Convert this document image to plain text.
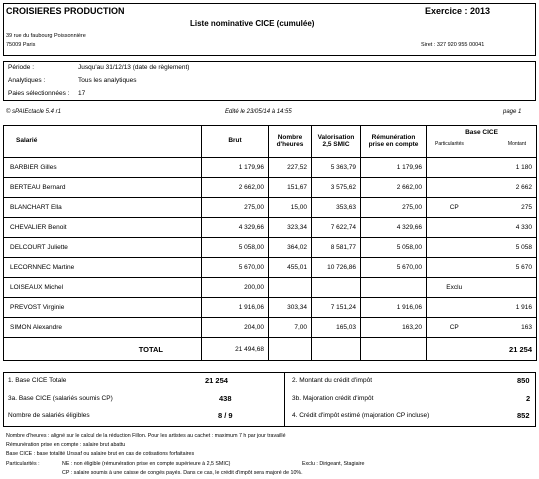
CROISIERES PRODUCTION	Exercice : 2013
Liste nominative CICE (cumulée)
39 rue du faubourg Poissonnière
75009 Paris	Siret : 327 920 955 00041
Période :	Jusqu'au 31/12/13 (date de règlement)
Analytiques :	Tous les analytiques
Paies sélectionnées : 17
© sPAIEctacle 5.4 r1	Edité le 23/05/14 à 14:55	page 1
Salarié	Brut	Nombre d'heures	Valorisation 2,5 SMIC	Rémunération prise en compte	Base CICE
Particularités Montant	

BARBIER Gilles	1 179,96	227,52	5 363,79	1 179,96		1 180
BERTEAU Bernard	2 662,00	151,67	3 575,62	2 662,00		2 662
BLANCHART Ella	275,00	15,00	353,63	275,00	CP	275
CHEVALIER Benoit	4 329,66	323,34	7 622,74	4 329,66		4 330
DELCOURT Juliette	5 058,00	364,02	8 581,77	5 058,00		5 058
LECORNNEC Martine	5 670,00	455,01	10 726,86	5 670,00		5 670
LOISEAUX Michel	200,00				Exclu	
PREVOST Virginie	1 916,06	303,34	7 151,24	1 916,06		1 916
SIMON Alexandre	204,00	7,00	165,03	163,20	CP	163
TOTAL	21 494,68					21 254
1. Base CICE Totale	21 254
3a. Base CICE (salariés soumis CP)	438
Nombre de salariés éligibles	8 / 9
2. Montant du crédit d'impôt	850
3b. Majoration crédit d'impôt	2
4. Crédit d'impôt estimé (majoration CP incluse)	852
Nombre d'heures : aligné sur le calcul de la réduction Fillon. Pour les artistes au cachet : maximum 7 h par jour travaillé
Rémunération prise en compte : salaire brut abattu
Base CICE : base totalité Urssaf ou salaire brut en cas de cotisations forfaitaires
Particularités :	NE : non éligible (rémunération prise en compte supérieure à 2,5 SMIC)	Exclu : Dirigeant, Stagiaire
CP : salaire soumis à une caisse de congés payés. Dans ce cas, le crédit d'impôt sera majoré de 10%.
